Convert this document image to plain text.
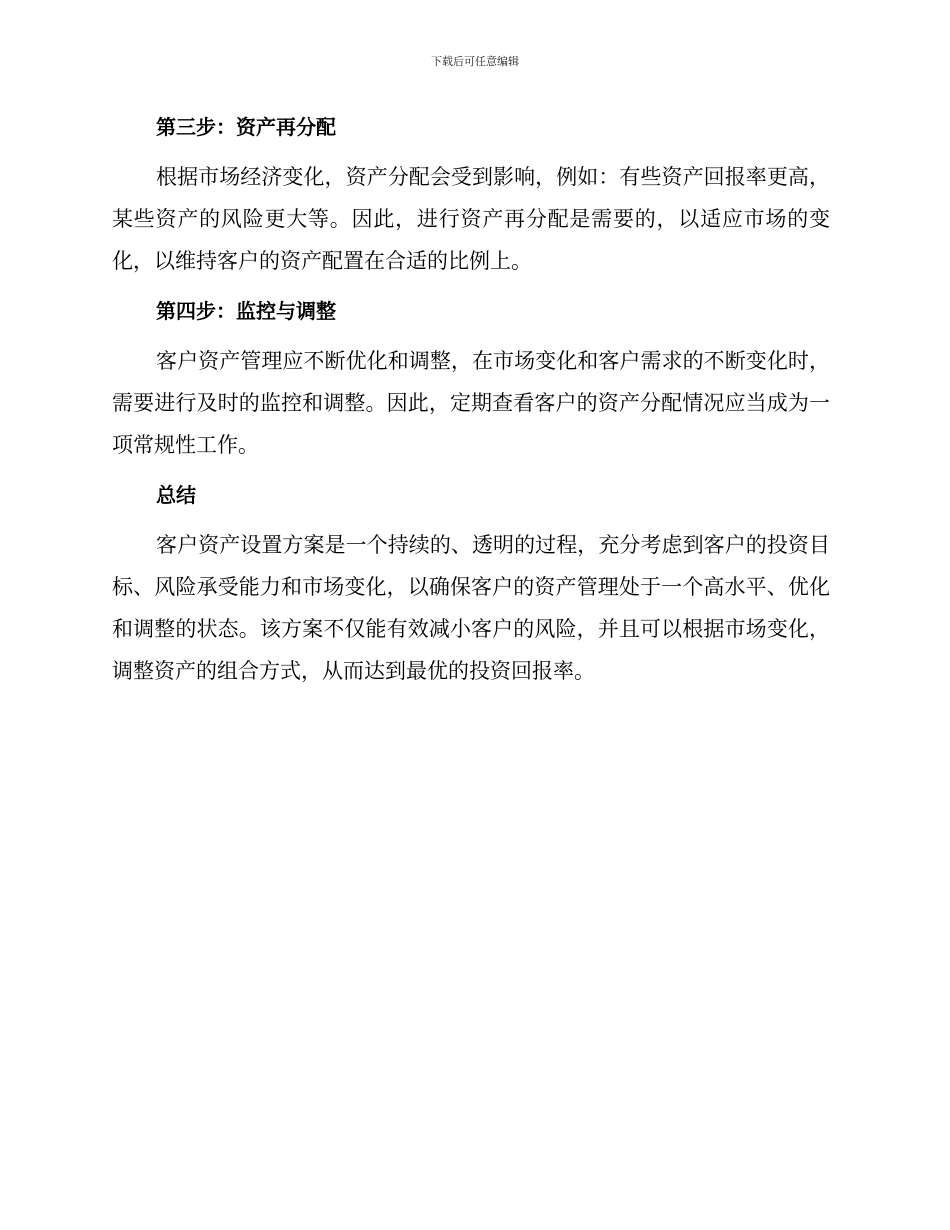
下载后可任意编辑
第三步：资产再分配

根据市场经济变化，资产分配会受到影响，例如：有些资产回报率更高，某些资产的风险更大等。因此，进行资产再分配是需要的，以适应市场的变化，以维持客户的资产配置在合适的比例上。

第四步：监控与调整

客户资产管理应不断优化和调整，在市场变化和客户需求的不断变化时，需要进行及时的监控和调整。因此，定期查看客户的资产分配情况应当成为一项常规性工作。

总结

客户资产设置方案是一个持续的、透明的过程，充分考虑到客户的投资目标、风险承受能力和市场变化，以确保客户的资产管理处于一个高水平、优化和调整的状态。该方案不仅能有效减小客户的风险，并且可以根据市场变化，调整资产的组合方式，从而达到最优的投资回报率。
